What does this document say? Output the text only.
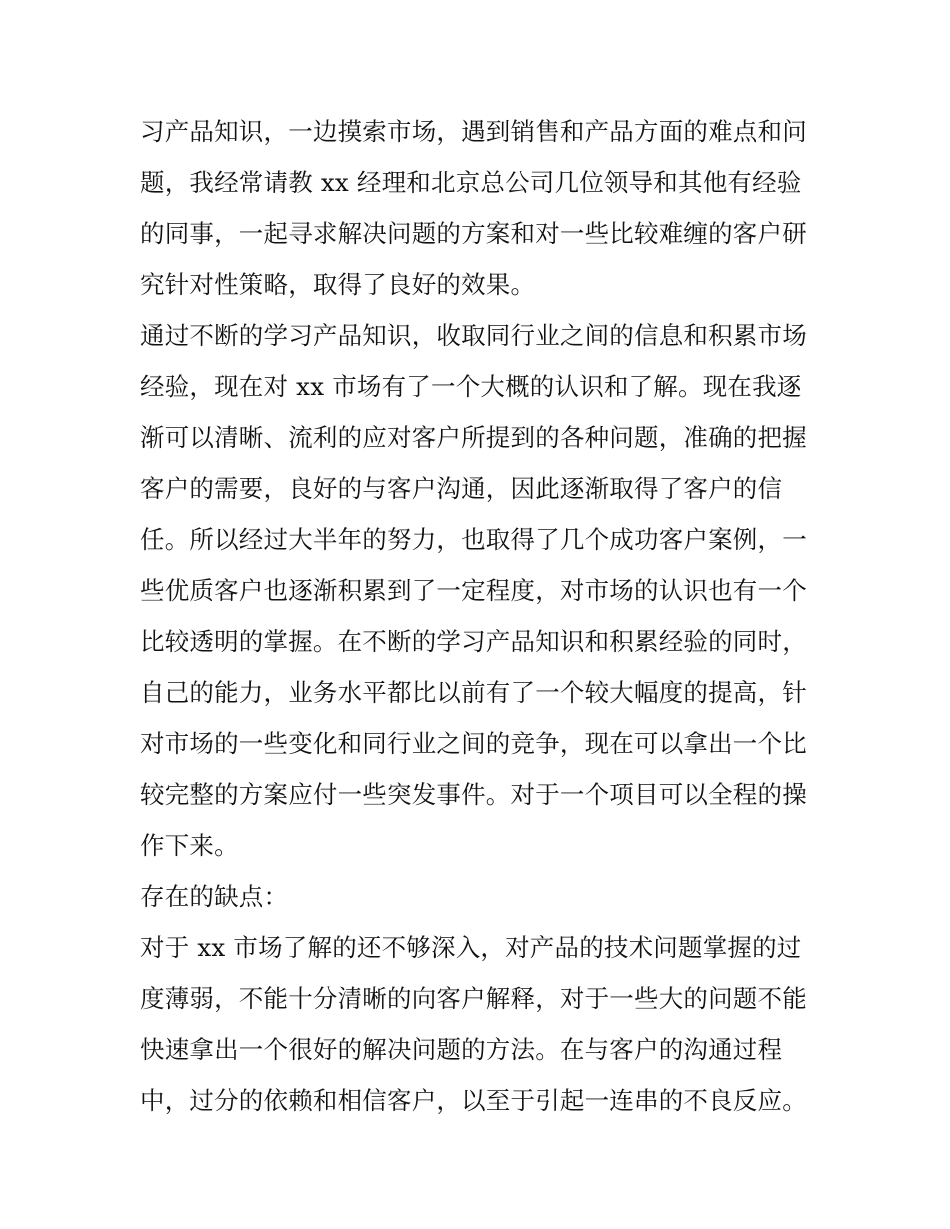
习产品知识，一边摸索市场，遇到销售和产品方面的难点和问
题，我经常请教 xx 经理和北京总公司几位领导和其他有经验
的同事，一起寻求解决问题的方案和对一些比较难缠的客户研
究针对性策略，取得了良好的效果。
通过不断的学习产品知识，收取同行业之间的信息和积累市场
经验，现在对 xx 市场有了一个大概的认识和了解。现在我逐
渐可以清晰、流利的应对客户所提到的各种问题，准确的把握
客户的需要，良好的与客户沟通，因此逐渐取得了客户的信
任。所以经过大半年的努力，也取得了几个成功客户案例，一
些优质客户也逐渐积累到了一定程度，对市场的认识也有一个
比较透明的掌握。在不断的学习产品知识和积累经验的同时，
自己的能力，业务水平都比以前有了一个较大幅度的提高，针
对市场的一些变化和同行业之间的竞争，现在可以拿出一个比
较完整的方案应付一些突发事件。对于一个项目可以全程的操
作下来。
存在的缺点：
对于 xx 市场了解的还不够深入，对产品的技术问题掌握的过
度薄弱，不能十分清晰的向客户解释，对于一些大的问题不能
快速拿出一个很好的解决问题的方法。在与客户的沟通过程
中，过分的依赖和相信客户，以至于引起一连串的不良反应。
